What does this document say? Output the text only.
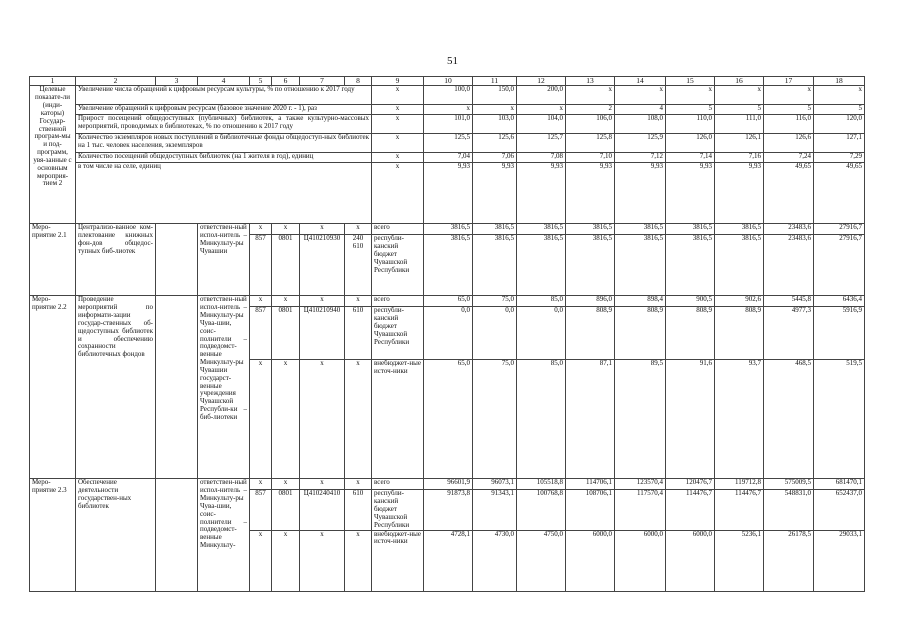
51
1	2	3	4	5	6	7	8	9	10	11	12	13	14	15	16	17	18
Целевые показате-ли (инди-каторы) Государ-ственной програм-мы и под-программ, увя-занные с основным мероприя-тием 2	Увеличение числа обращений к цифровым ресурсам культуры, % по отношению к 2017 году							x	100,0	150,0	200,0	x	x	x	x	x	x
	Увеличение обращений к цифровым ресурсам (базовое значение 2020 г. - 1), раз							x	x	x	x	2	4	5	5	5	5
	Прирост посещений общедоступных (публичных) библиотек, а также культурно-массовых мероприятий, проводимых в библиотеках, % по отношению к 2017 году							x	101,0	103,0	104,0	106,0	108,0	110,0	111,0	116,0	120,0
	Количество экземпляров новых поступлений в библиотечные фонды общедоступ-ных библиотек на 1 тыс. человек населения, экземпляров							x	125,5	125,6	125,7	125,8	125,9	126,0	126,1	126,6	127,1
	Количество посещений общедоступных библиотек (на 1 жителя в год), единиц							x	7,04	7,06	7,08	7,10	7,12	7,14	7,16	7,24	7,29
	в том числе на селе, единиц							x	9,93	9,93	9,93	9,93	9,93	9,93	9,93	49,65	49,65
Меро-приятие 2.1	Централизо-ванное ком-плектование книжных фон-дов общедос-тупных биб-лиотек		ответствен-ный испол-нитель – Минкульту-ры Чувашии	x	x	x	x	всего	3816,5	3816,5	3816,5	3816,5	3816,5	3816,5	3816,5	23483,6	27916,7
				857	0801	Ц410210930	240 610	республи-канский бюджет Чувашской Республики	3816,5	3816,5	3816,5	3816,5	3816,5	3816,5	3816,5	23483,6	27916,7
Меро-приятие 2.2	Проведение мероприятий по информати-зации государ-ственных об-щедоступных библиотек и обеспечению сохранности библиотечных фондов		ответствен-ный испол-нитель – Минкульту-ры Чува-шии, соис-полнители – подведомст-венные Минкульту-ры Чувашии государст-венные учреждения Чувашской Республи-ки – биб-лиотеки	x	x	x	x	всего	65,0	75,0	85,0	896,0	898,4	900,5	902,6	5445,8	6436,4
				857	0801	Ц410210940	610	республи-канский бюджет Чувашской Республики	0,0	0,0	0,0	808,9	808,9	808,9	808,9	4977,3	5916,9
				x	x	x	x	внебюджет-ные источ-ники	65,0	75,0	85,0	87,1	89,5	91,6	93,7	468,5	519,5
Меро-приятие 2.3	Обеспечение деятельности государствен-ных библиотек		ответствен-ный испол-нитель – Минкульту-ры Чува-шии, соис-полнители – подведомст-венные Минкульту-	x	x	x	x	всего	96601,9	96073,1	105518,8	114706,1	123570,4	120476,7	119712,8	575009,5	681470,1
				857	0801	Ц410240410	610	республи-канский бюджет Чувашской Республики	91873,8	91343,1	100768,8	108706,1	117570,4	114476,7	114476,7	548831,0	652437,0
				x	x	x	x	внебюджет-ные источ-ники	4728,1	4730,0	4750,0	6000,0	6000,0	6000,0	5236,1	26178,5	29033,1
